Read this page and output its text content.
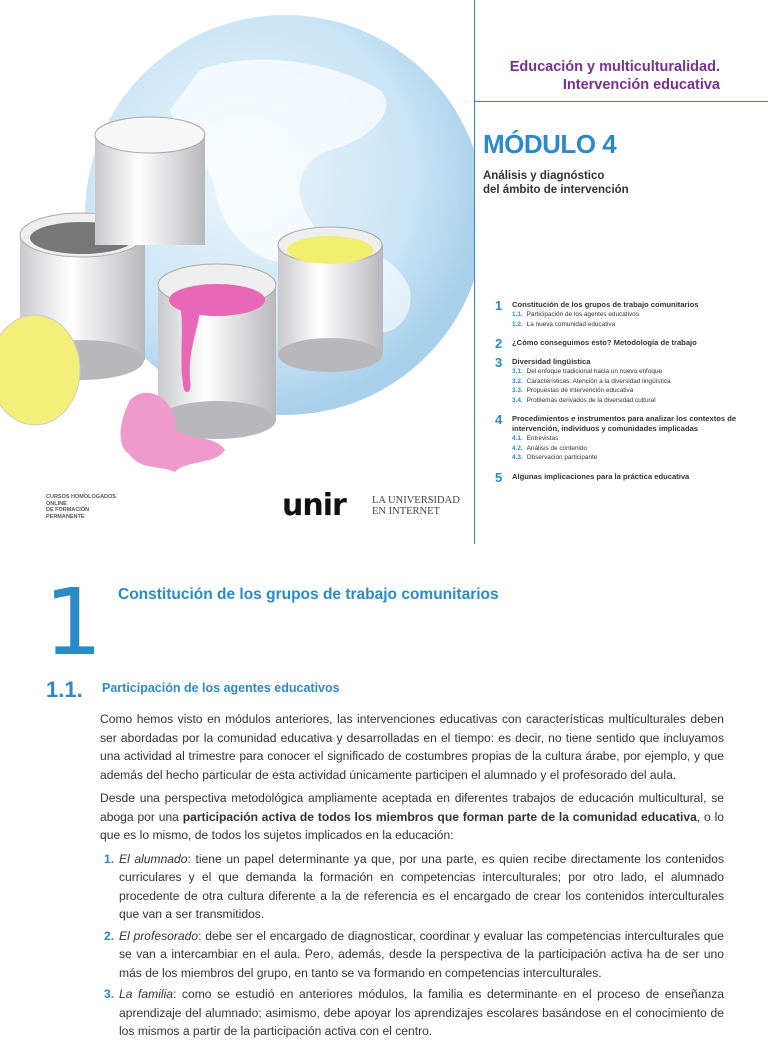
Educación y multiculturalidad.
Intervención educativa
MÓDULO 4
Análisis y diagnóstico
del ámbito de intervención
1 Constitución de los grupos de trabajo comunitarios
1.1. Participación de los agentes educativos
1.2. La nueva comunidad educativa
2 ¿Cómo conseguimos esto? Metodología de trabajo
3 Diversidad lingüística
3.1. Del enfoque tradicional hacia un nuevo enfoque
3.2. Características. Atención a la diversidad lingüística
3.3. Propuestas de intervención educativa
3.4. Problemas derivados de la diversidad cultural
4 Procedimientos e instrumentos para analizar los contextos de intervención, individuos y comunidades implicadas
4.1. Entrevistas
4.2. Análisis de contenido
4.3. Observación participante
5 Algunas implicaciones para la práctica educativa
CURSOS HOMOLOGADOS
ONLINE
DE FORMACIÓN
PERMANENTE	unir LA UNIVERSIDAD
EN INTERNET
1 Constitución de los grupos de trabajo comunitarios
1.1. Participación de los agentes educativos

Como hemos visto en módulos anteriores, las intervenciones educativas con características multiculturales deben ser abordadas por la comunidad educativa y desarrolladas en el tiempo: es decir, no tiene sentido que incluyamos una actividad al trimestre para conocer el significado de costumbres propias de la cultura árabe, por ejemplo, y que además del hecho particular de esta actividad únicamente participen el alumnado y el profesorado del aula.

Desde una perspectiva metodológica ampliamente aceptada en diferentes trabajos de educación multicultural, se aboga por una participación activa de todos los miembros que forman parte de la comunidad educativa, o lo que es lo mismo, de todos los sujetos implicados en la educación:

1. El alumnado: tiene un papel determinante ya que, por una parte, es quien recibe directamente los contenidos curriculares y el que demanda la formación en competencias interculturales; por otro lado, el alumnado procedente de otra cultura diferente a la de referencia es el encargado de crear los contenidos interculturales que van a ser transmitidos.
2. El profesorado: debe ser el encargado de diagnosticar, coordinar y evaluar las competencias interculturales que se van a intercambiar en el aula. Pero, además, desde la perspectiva de la participación activa ha de ser uno más de los miembros del grupo, en tanto se va formando en competencias interculturales.
3. La familia: como se estudió en anteriores módulos, la familia es determinante en el proceso de enseñanza aprendizaje del alumnado; asimismo, debe apoyar los aprendizajes escolares basándose en el conocimiento de los mismos a partir de la participación activa con el centro.
